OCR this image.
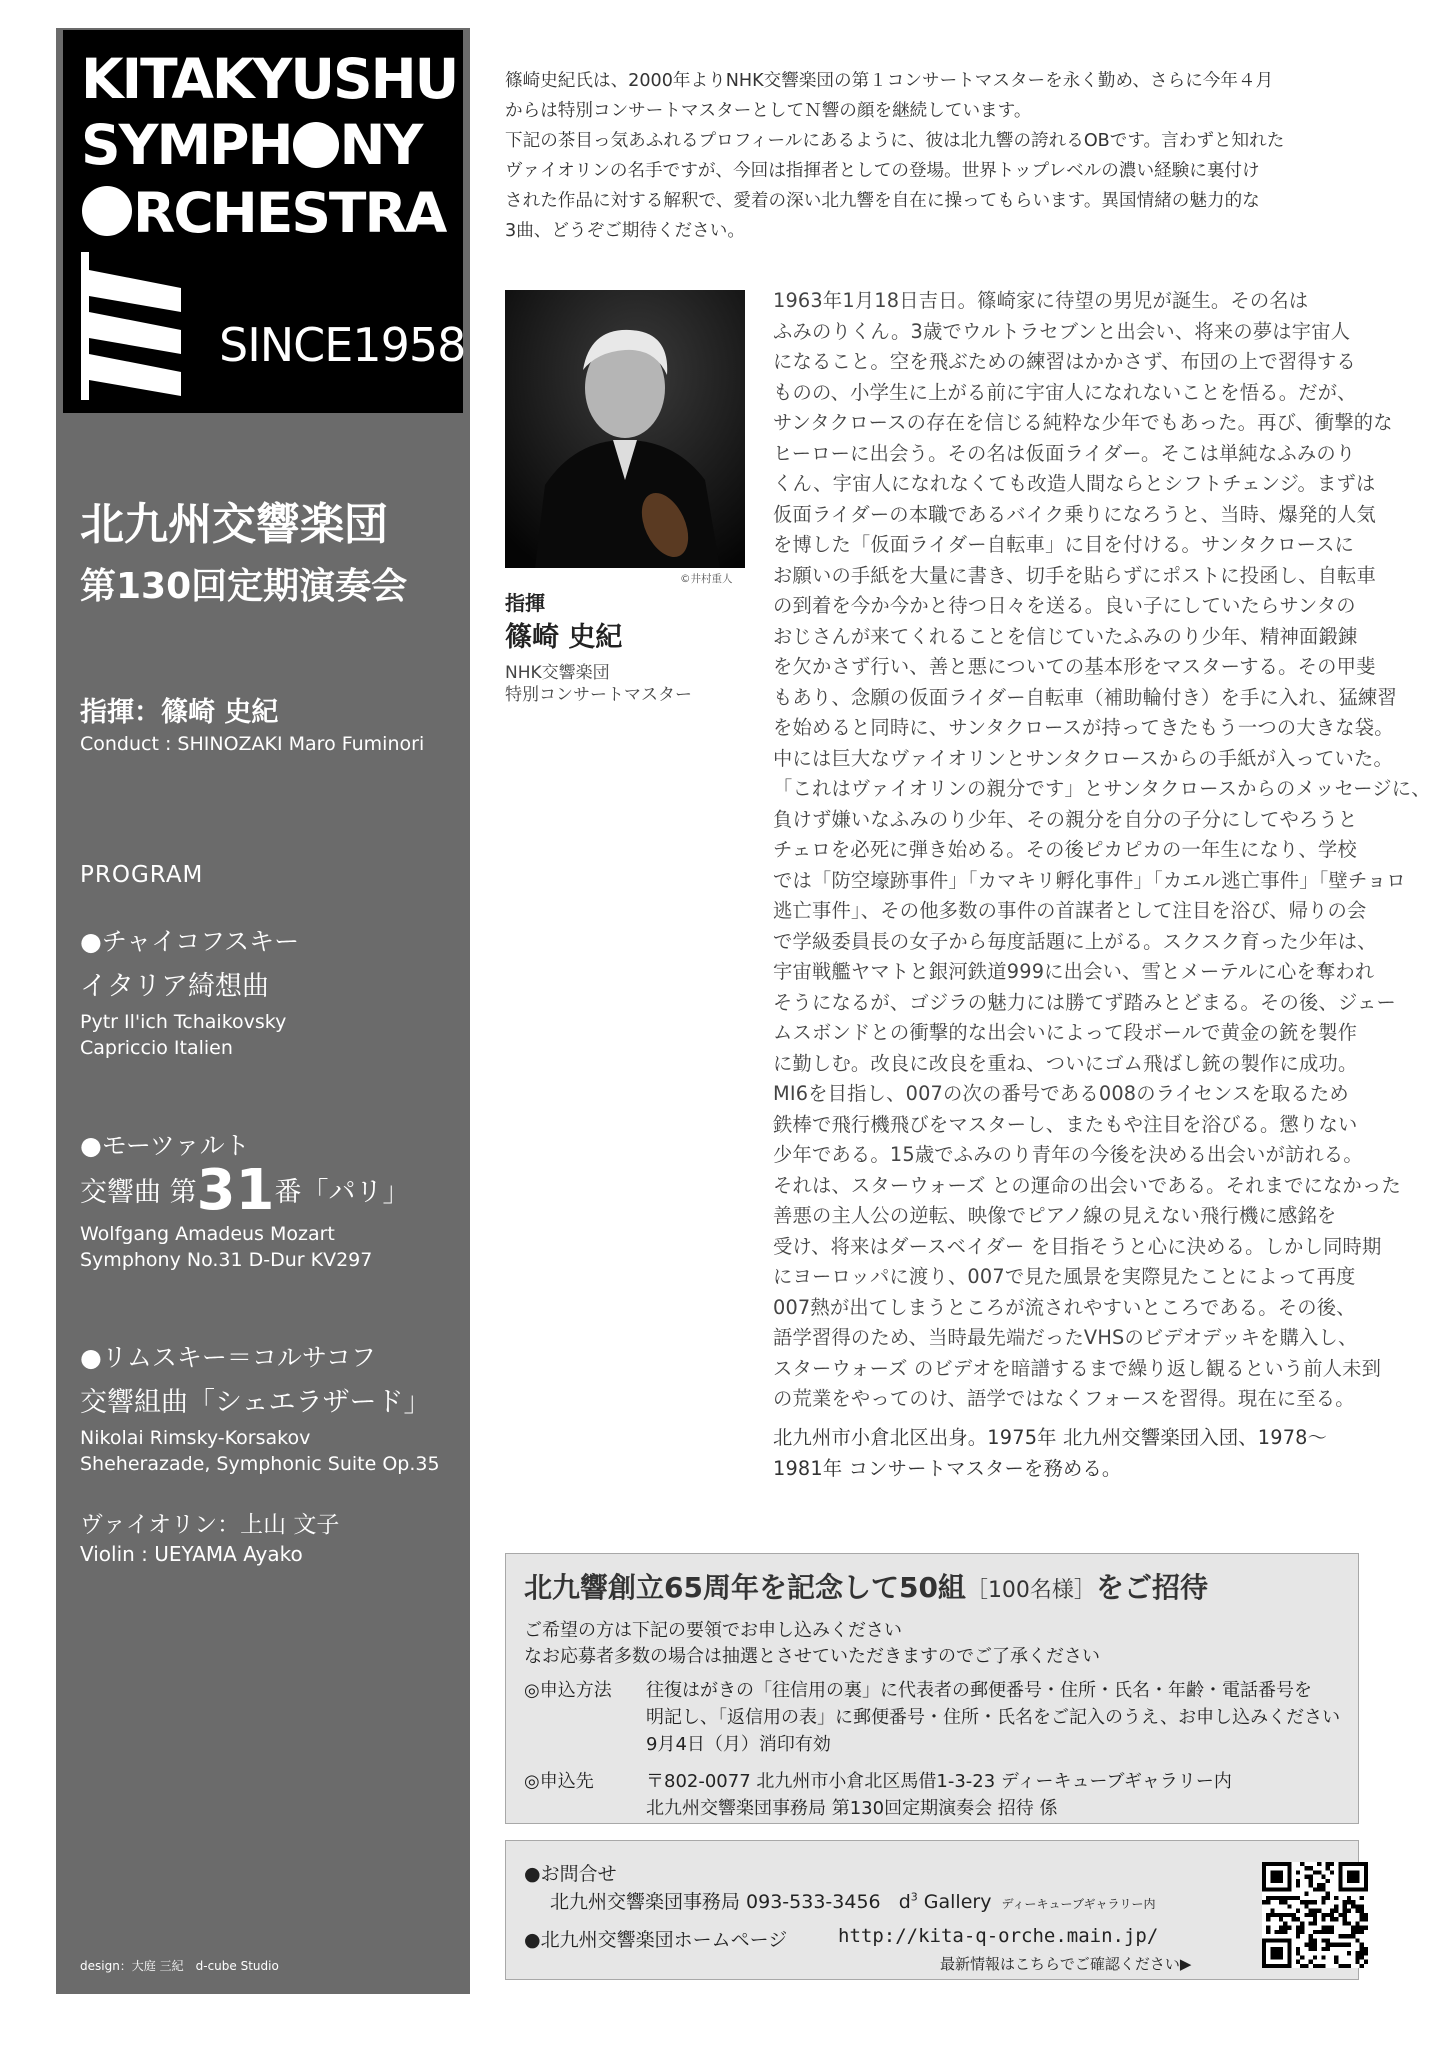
KITAKYUSHU
SYMPH NY
RCHESTRA
SINCE1958
北九州交響楽団
第130回定期演奏会
指揮：篠崎 史紀
Conduct : SHINOZAKI Maro Fuminori
PROGRAM
●チャイコフスキー
イタリア綺想曲
Pytr Il'ich Tchaikovsky
Capriccio Italien
●モーツァルト
交響曲 第31番「パリ」
Wolfgang Amadeus Mozart
Symphony No.31 D-Dur KV297
●リムスキー＝コルサコフ
交響組曲「シェエラザード」
Nikolai Rimsky-Korsakov
Sheherazade, Symphonic Suite Op.35
ヴァイオリン：上山 文子
Violin : UEYAMA Ayako
design：大庭 三紀　d-cube Studio
篠崎史紀氏は、2000年よりNHK交響楽団の第１コンサートマスターを永く勤め、さらに今年４月
からは特別コンサートマスターとしてＮ響の顔を継続しています。
下記の茶目っ気あふれるプロフィールにあるように、彼は北九響の誇れるOBです。言わずと知れた
ヴァイオリンの名手ですが、今回は指揮者としての登場。世界トップレベルの濃い経験に裏付け
された作品に対する解釈で、愛着の深い北九響を自在に操ってもらいます。異国情緒の魅力的な
3曲、どうぞご期待ください。
©井村重人
指揮
篠崎 史紀
NHK交響楽団
特別コンサートマスター
1963年1月18日吉日。篠崎家に待望の男児が誕生。その名は
ふみのりくん。3歳でウルトラセブンと出会い、将来の夢は宇宙人
になること。空を飛ぶための練習はかかさず、布団の上で習得する
ものの、小学生に上がる前に宇宙人になれないことを悟る。だが、
サンタクロースの存在を信じる純粋な少年でもあった。再び、衝撃的な
ヒーローに出会う。その名は仮面ライダー。そこは単純なふみのり
くん、宇宙人になれなくても改造人間ならとシフトチェンジ。まずは
仮面ライダーの本職であるバイク乗りになろうと、当時、爆発的人気
を博した「仮面ライダー自転車」に目を付ける。サンタクロースに
お願いの手紙を大量に書き、切手を貼らずにポストに投函し、自転車
の到着を今か今かと待つ日々を送る。良い子にしていたらサンタの
おじさんが来てくれることを信じていたふみのり少年、精神面鍛錬
を欠かさず行い、善と悪についての基本形をマスターする。その甲斐
もあり、念願の仮面ライダー自転車（補助輪付き）を手に入れ、猛練習
を始めると同時に、サンタクロースが持ってきたもう一つの大きな袋。
中には巨大なヴァイオリンとサンタクロースからの手紙が入っていた。
「これはヴァイオリンの親分です」とサンタクロースからのメッセージに、
負けず嫌いなふみのり少年、その親分を自分の子分にしてやろうと
チェロを必死に弾き始める。その後ピカピカの一年生になり、学校
では「防空壕跡事件」「カマキリ孵化事件」「カエル逃亡事件」「壁チョロ
逃亡事件」、その他多数の事件の首謀者として注目を浴び、帰りの会
で学級委員長の女子から毎度話題に上がる。スクスク育った少年は、
宇宙戦艦ヤマトと銀河鉄道999に出会い、雪とメーテルに心を奪われ
そうになるが、ゴジラの魅力には勝てず踏みとどまる。その後、ジェー
ムスボンドとの衝撃的な出会いによって段ボールで黄金の銃を製作
に勤しむ。改良に改良を重ね、ついにゴム飛ばし銃の製作に成功。
MI6を目指し、007の次の番号である008のライセンスを取るため
鉄棒で飛行機飛びをマスターし、またもや注目を浴びる。懲りない
少年である。15歳でふみのり青年の今後を決める出会いが訪れる。
それは、スターウォーズ との運命の出会いである。それまでになかった
善悪の主人公の逆転、映像でピアノ線の見えない飛行機に感銘を
受け、将来はダースベイダー を目指そうと心に決める。しかし同時期
にヨーロッパに渡り、007で見た風景を実際見たことによって再度
007熱が出てしまうところが流されやすいところである。その後、
語学習得のため、当時最先端だったVHSのビデオデッキを購入し、
スターウォーズ のビデオを暗譜するまで繰り返し観るという前人未到
の荒業をやってのけ、語学ではなくフォースを習得。現在に至る。
北九州市小倉北区出身。1975年 北九州交響楽団入団、1978～
1981年 コンサートマスターを務める。
北九響創立65周年を記念して50組［100名様］をご招待
ご希望の方は下記の要領でお申し込みください
なお応募者多数の場合は抽選とさせていただきますのでご了承ください
◎申込方法 往復はがきの「往信用の裏」に代表者の郵便番号・住所・氏名・年齢・電話番号を
明記し、「返信用の表」に郵便番号・住所・氏名をご記入のうえ、お申し込みください
9月4日（月）消印有効
◎申込先	〒802-0077 北九州市小倉北区馬借1-3-23 ディーキューブギャラリー内
北九州交響楽団事務局 第130回定期演奏会 招待 係
●お問合せ
北九州交響楽団事務局 093-533-3456 $d^3$ Gallery ディーキューブギャラリー内
●北九州交響楽団ホームページ	http://kita-q-orche.main.jp/
最新情報はこちらでご確認ください▶
